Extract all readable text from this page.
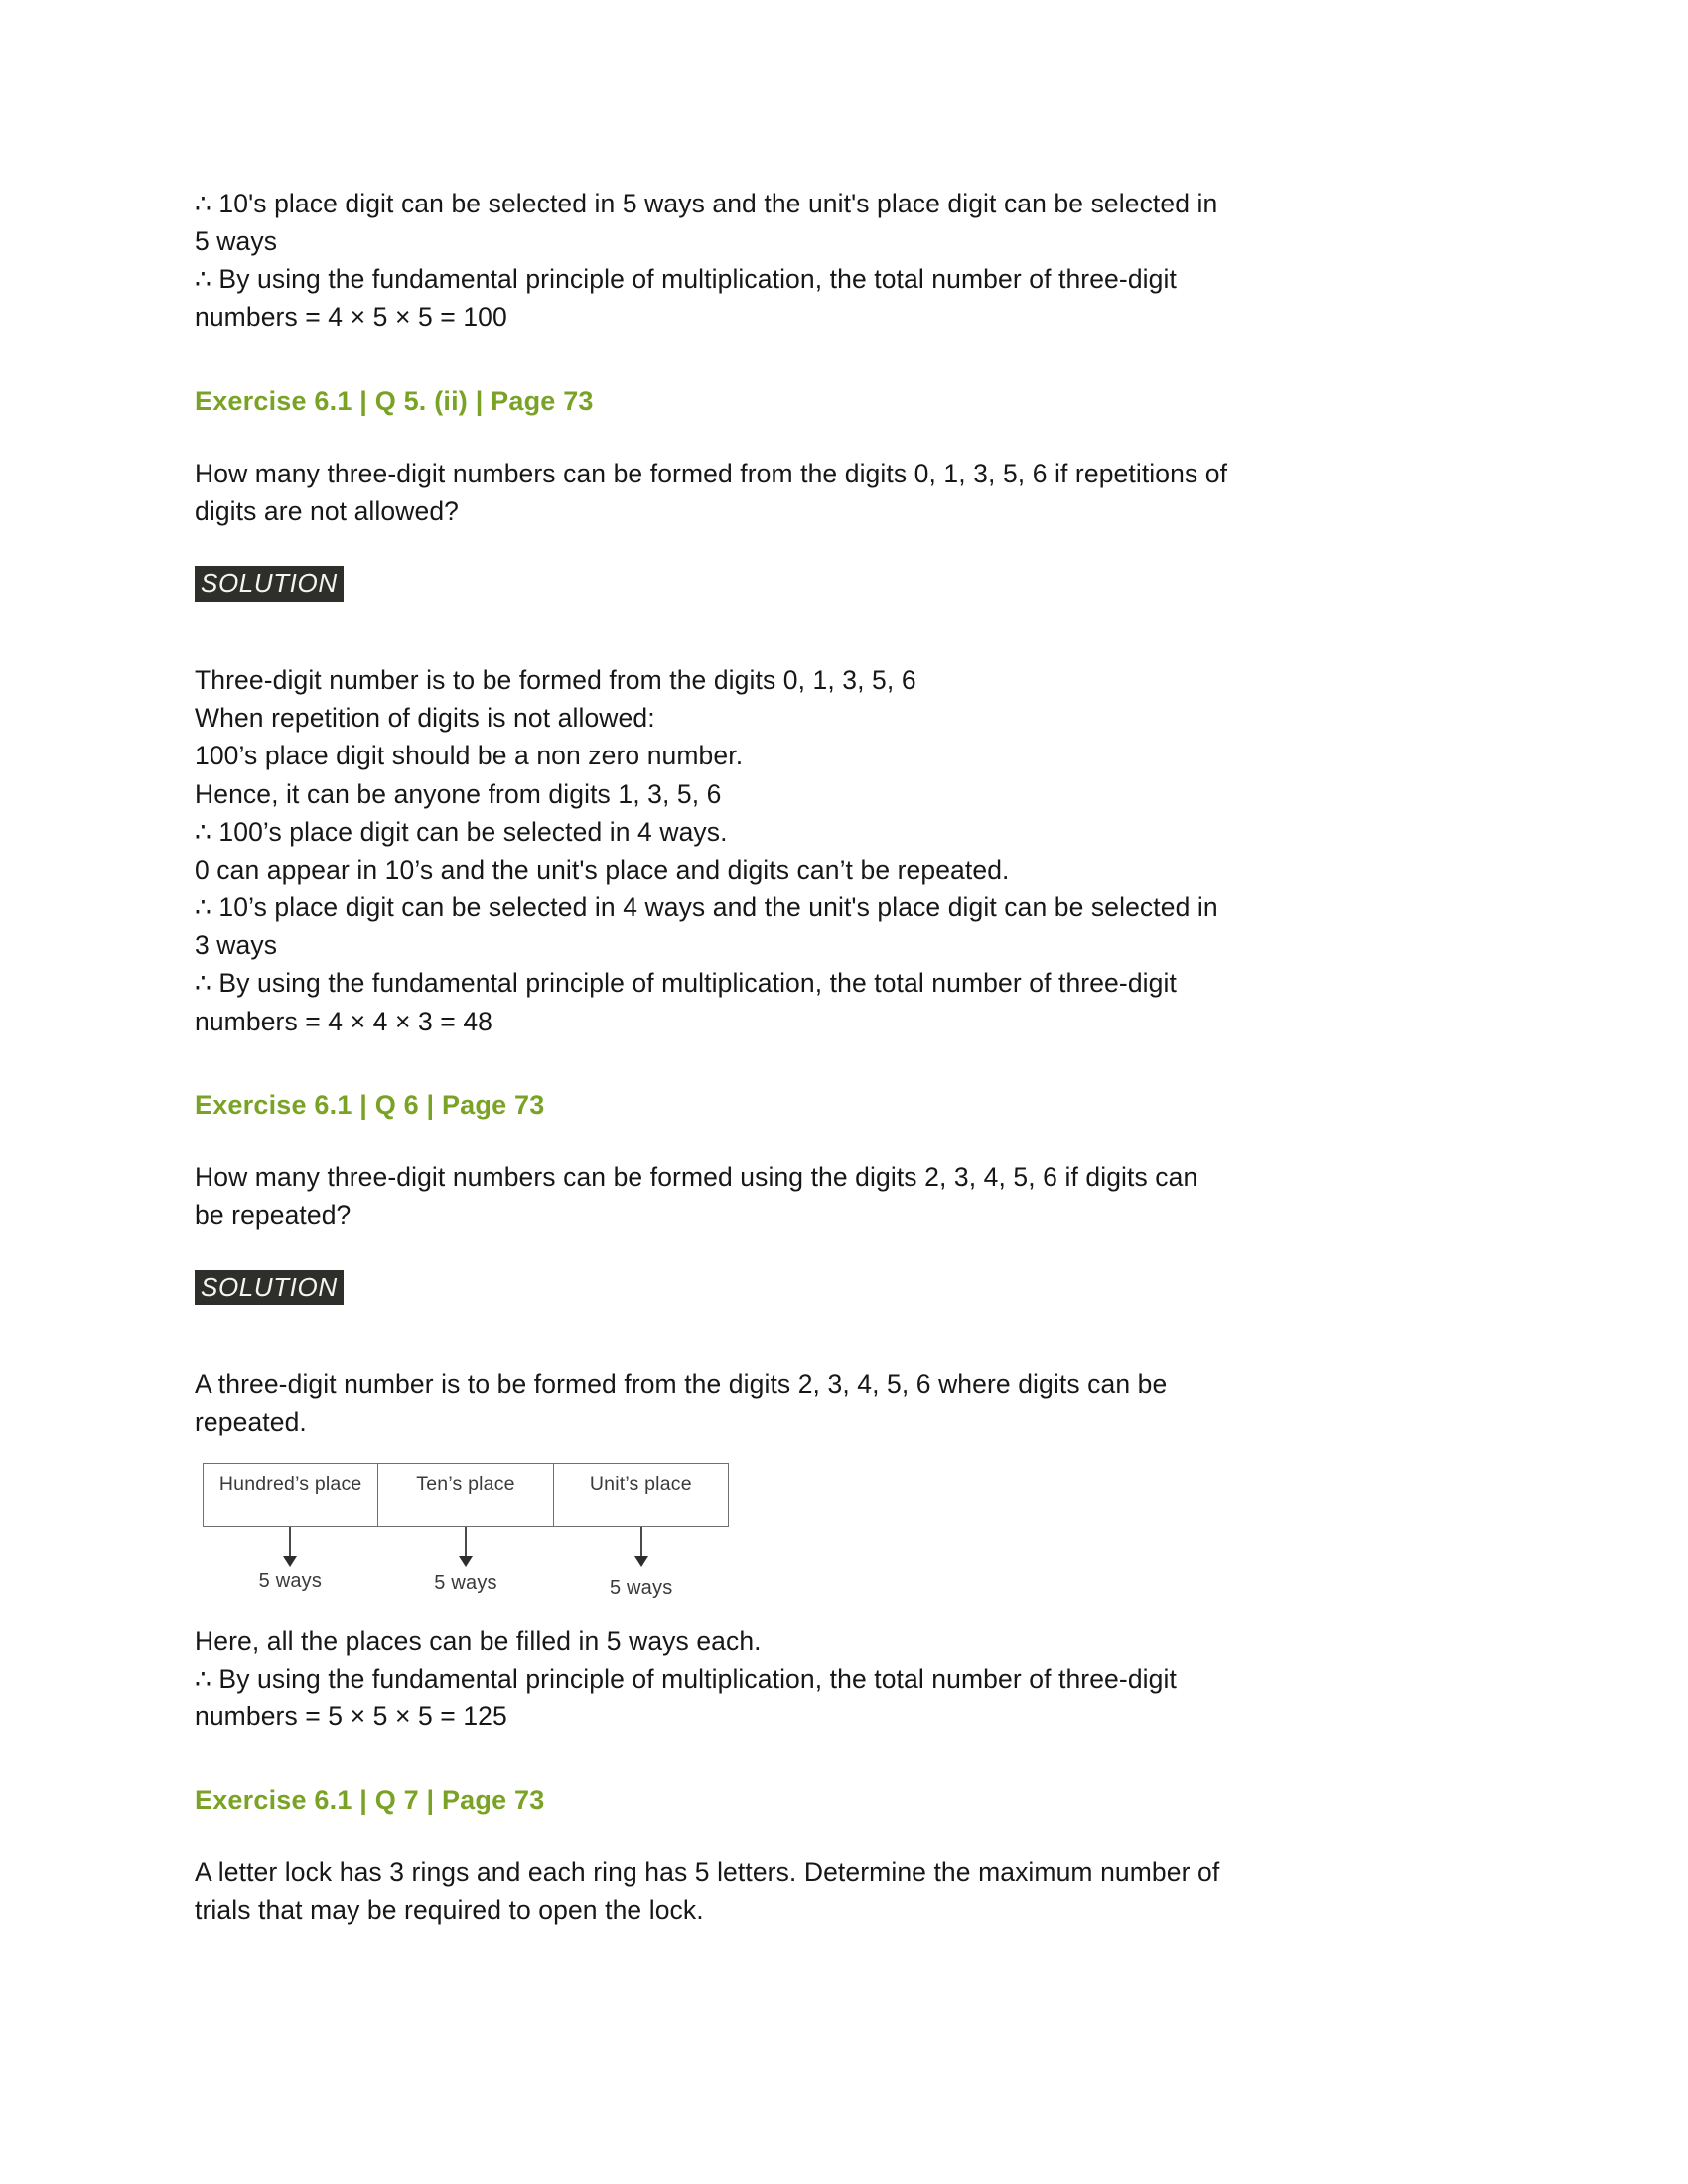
∴ 10's place digit can be selected in 5 ways and the unit's place digit can be selected in
5 ways
∴ By using the fundamental principle of multiplication, the total number of three-digit
numbers = 4 × 5 × 5 = 100

Exercise 6.1 | Q 5. (ii) | Page 73

How many three-digit numbers can be formed from the digits 0, 1, 3, 5, 6 if repetitions of
digits are not allowed?

SOLUTION

Three-digit number is to be formed from the digits 0, 1, 3, 5, 6
When repetition of digits is not allowed:
100’s place digit should be a non zero number.
Hence, it can be anyone from digits 1, 3, 5, 6
∴ 100’s place digit can be selected in 4 ways.
0 can appear in 10’s and the unit's place and digits can’t be repeated.
∴ 10’s place digit can be selected in 4 ways and the unit's place digit can be selected in
3 ways
∴ By using the fundamental principle of multiplication, the total number of three-digit
numbers = 4 × 4 × 3 = 48

Exercise 6.1 | Q 6 | Page 73

How many three-digit numbers can be formed using the digits 2, 3, 4, 5, 6 if digits can
be repeated?

SOLUTION

A three-digit number is to be formed from the digits 2, 3, 4, 5, 6 where digits can be
repeated.

Hundred’s place	Ten’s place	Unit’s place
5 ways	5 ways	5 ways

Here, all the places can be filled in 5 ways each.
∴ By using the fundamental principle of multiplication, the total number of three-digit
numbers = 5 × 5 × 5 = 125

Exercise 6.1 | Q 7 | Page 73

A letter lock has 3 rings and each ring has 5 letters. Determine the maximum number of
trials that may be required to open the lock.
